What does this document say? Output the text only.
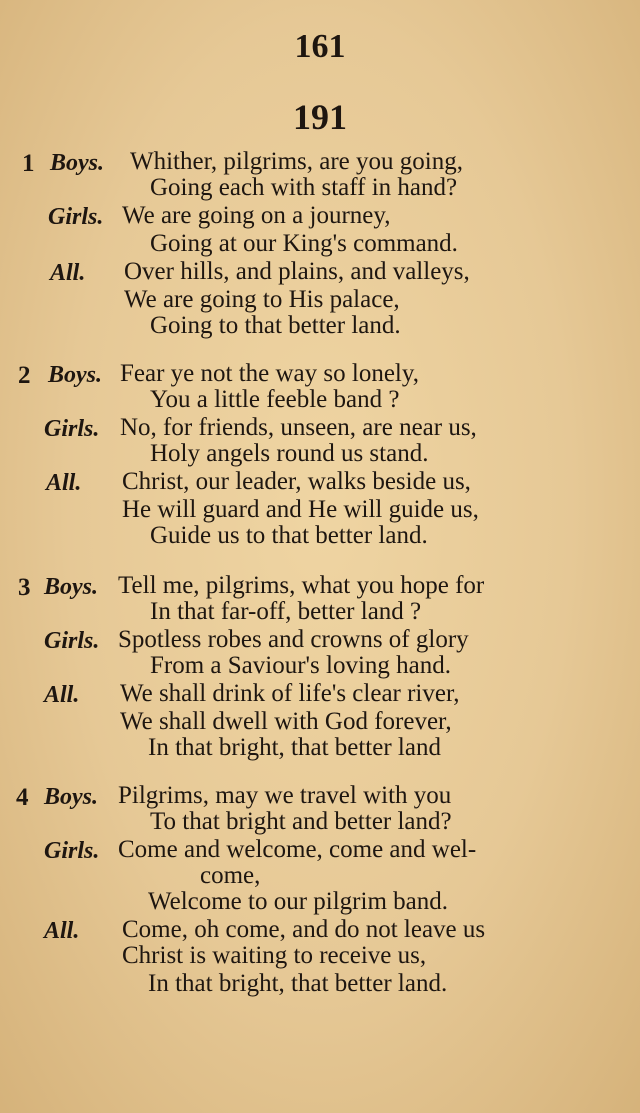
161
191
1 Boys. Whither, pilgrims, are you going,
Going each with staff in hand?
Girls. We are going on a journey,
Going at our King's command.
All. Over hills, and plains, and valleys,
We are going to His palace,
Going to that better land.
2 Boys. Fear ye not the way so lonely,
You a little feeble band ?
Girls. No, for friends, unseen, are near us,
Holy angels round us stand.
All. Christ, our leader, walks beside us,
He will guard and He will guide us,
Guide us to that better land.
3 Boys. Tell me, pilgrims, what you hope for
In that far-off, better land ?
Girls. Spotless robes and crowns of glory
From a Saviour's loving hand.
All. We shall drink of life's clear river,
We shall dwell with God forever,
In that bright, that better land
4 Boys. Pilgrims, may we travel with you
To that bright and better land?
Girls. Come and welcome, come and wel-
come,
Welcome to our pilgrim band.
All. Come, oh come, and do not leave us
Christ is waiting to receive us,
In that bright, that better land.
